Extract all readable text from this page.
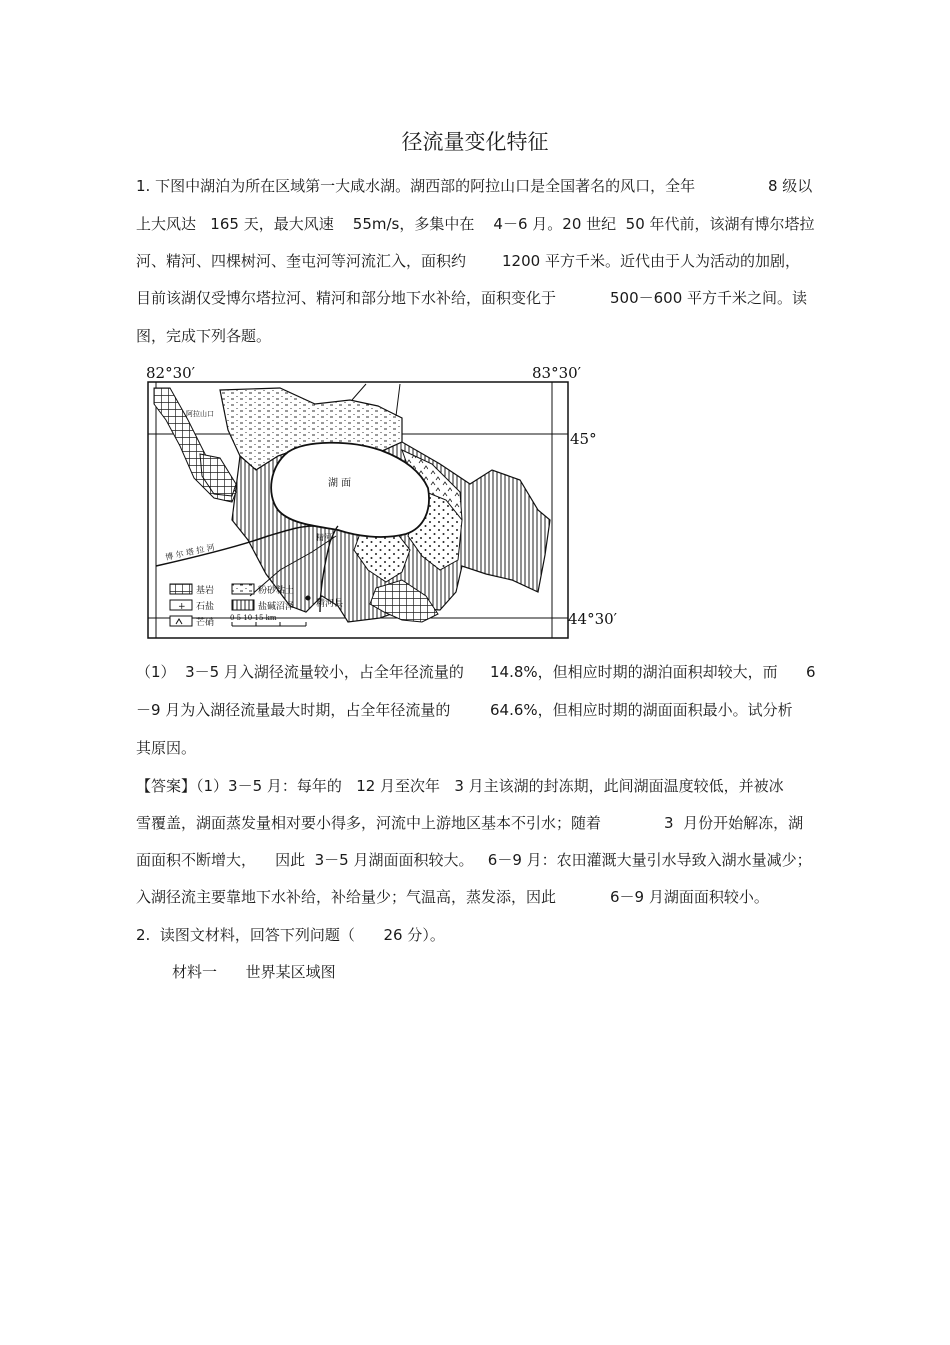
径流量变化特征
1. 下图中湖泊为所在区域第一大咸水湖。湖西部的阿拉山口是全国著名的风口，全年	8 级以
上大风达   165 天，最大风速    55m/s，多集中在    4－6 月。20 世纪  50 年代前，该湖有博尔塔拉
河、精河、四棵树河、奎屯河等河流汇入，面积约 1200 平方千米。近代由于人为活动的加剧，
目前该湖仅受博尔塔拉河、精河和部分地下水补给，面积变化于	500－600 平方千米之间。读
图，完成下列各题。
82°30′	83°30′
45°
44°30′
湖 面
阿拉山口
博 尔 塔 拉 河
精河
精河县
基岩	粉砂粘土
+ 石盐	盐碱沼泽
芒硝 0 5 10 15 km
（1）  3－5 月入湖径流量较小，占全年径流量的 14.8%，但相应时期的湖泊面积却较大，而 6
－9 月为入湖径流量最大时期，占全年径流量的	64.6%，但相应时期的湖面面积最小。试分析
其原因。
【答案】（1）3－5 月：每年的   12 月至次年   3 月主该湖的封冻期，此间湖面温度较低，并被冰
雪覆盖，湖面蒸发量相对要小得多，河流中上游地区基本不引水；随着	3  月份开始解冻，湖
面面积不断增大，    因此  3－5 月湖面面积较大。   6－9 月：农田灌溉大量引水导致入湖水量减少；
入湖径流主要靠地下水补给，补给量少；气温高，蒸发添，因此	6－9 月湖面面积较小。
2.  读图文材料，回答下列问题（      26 分）。
材料一      世界某区域图
